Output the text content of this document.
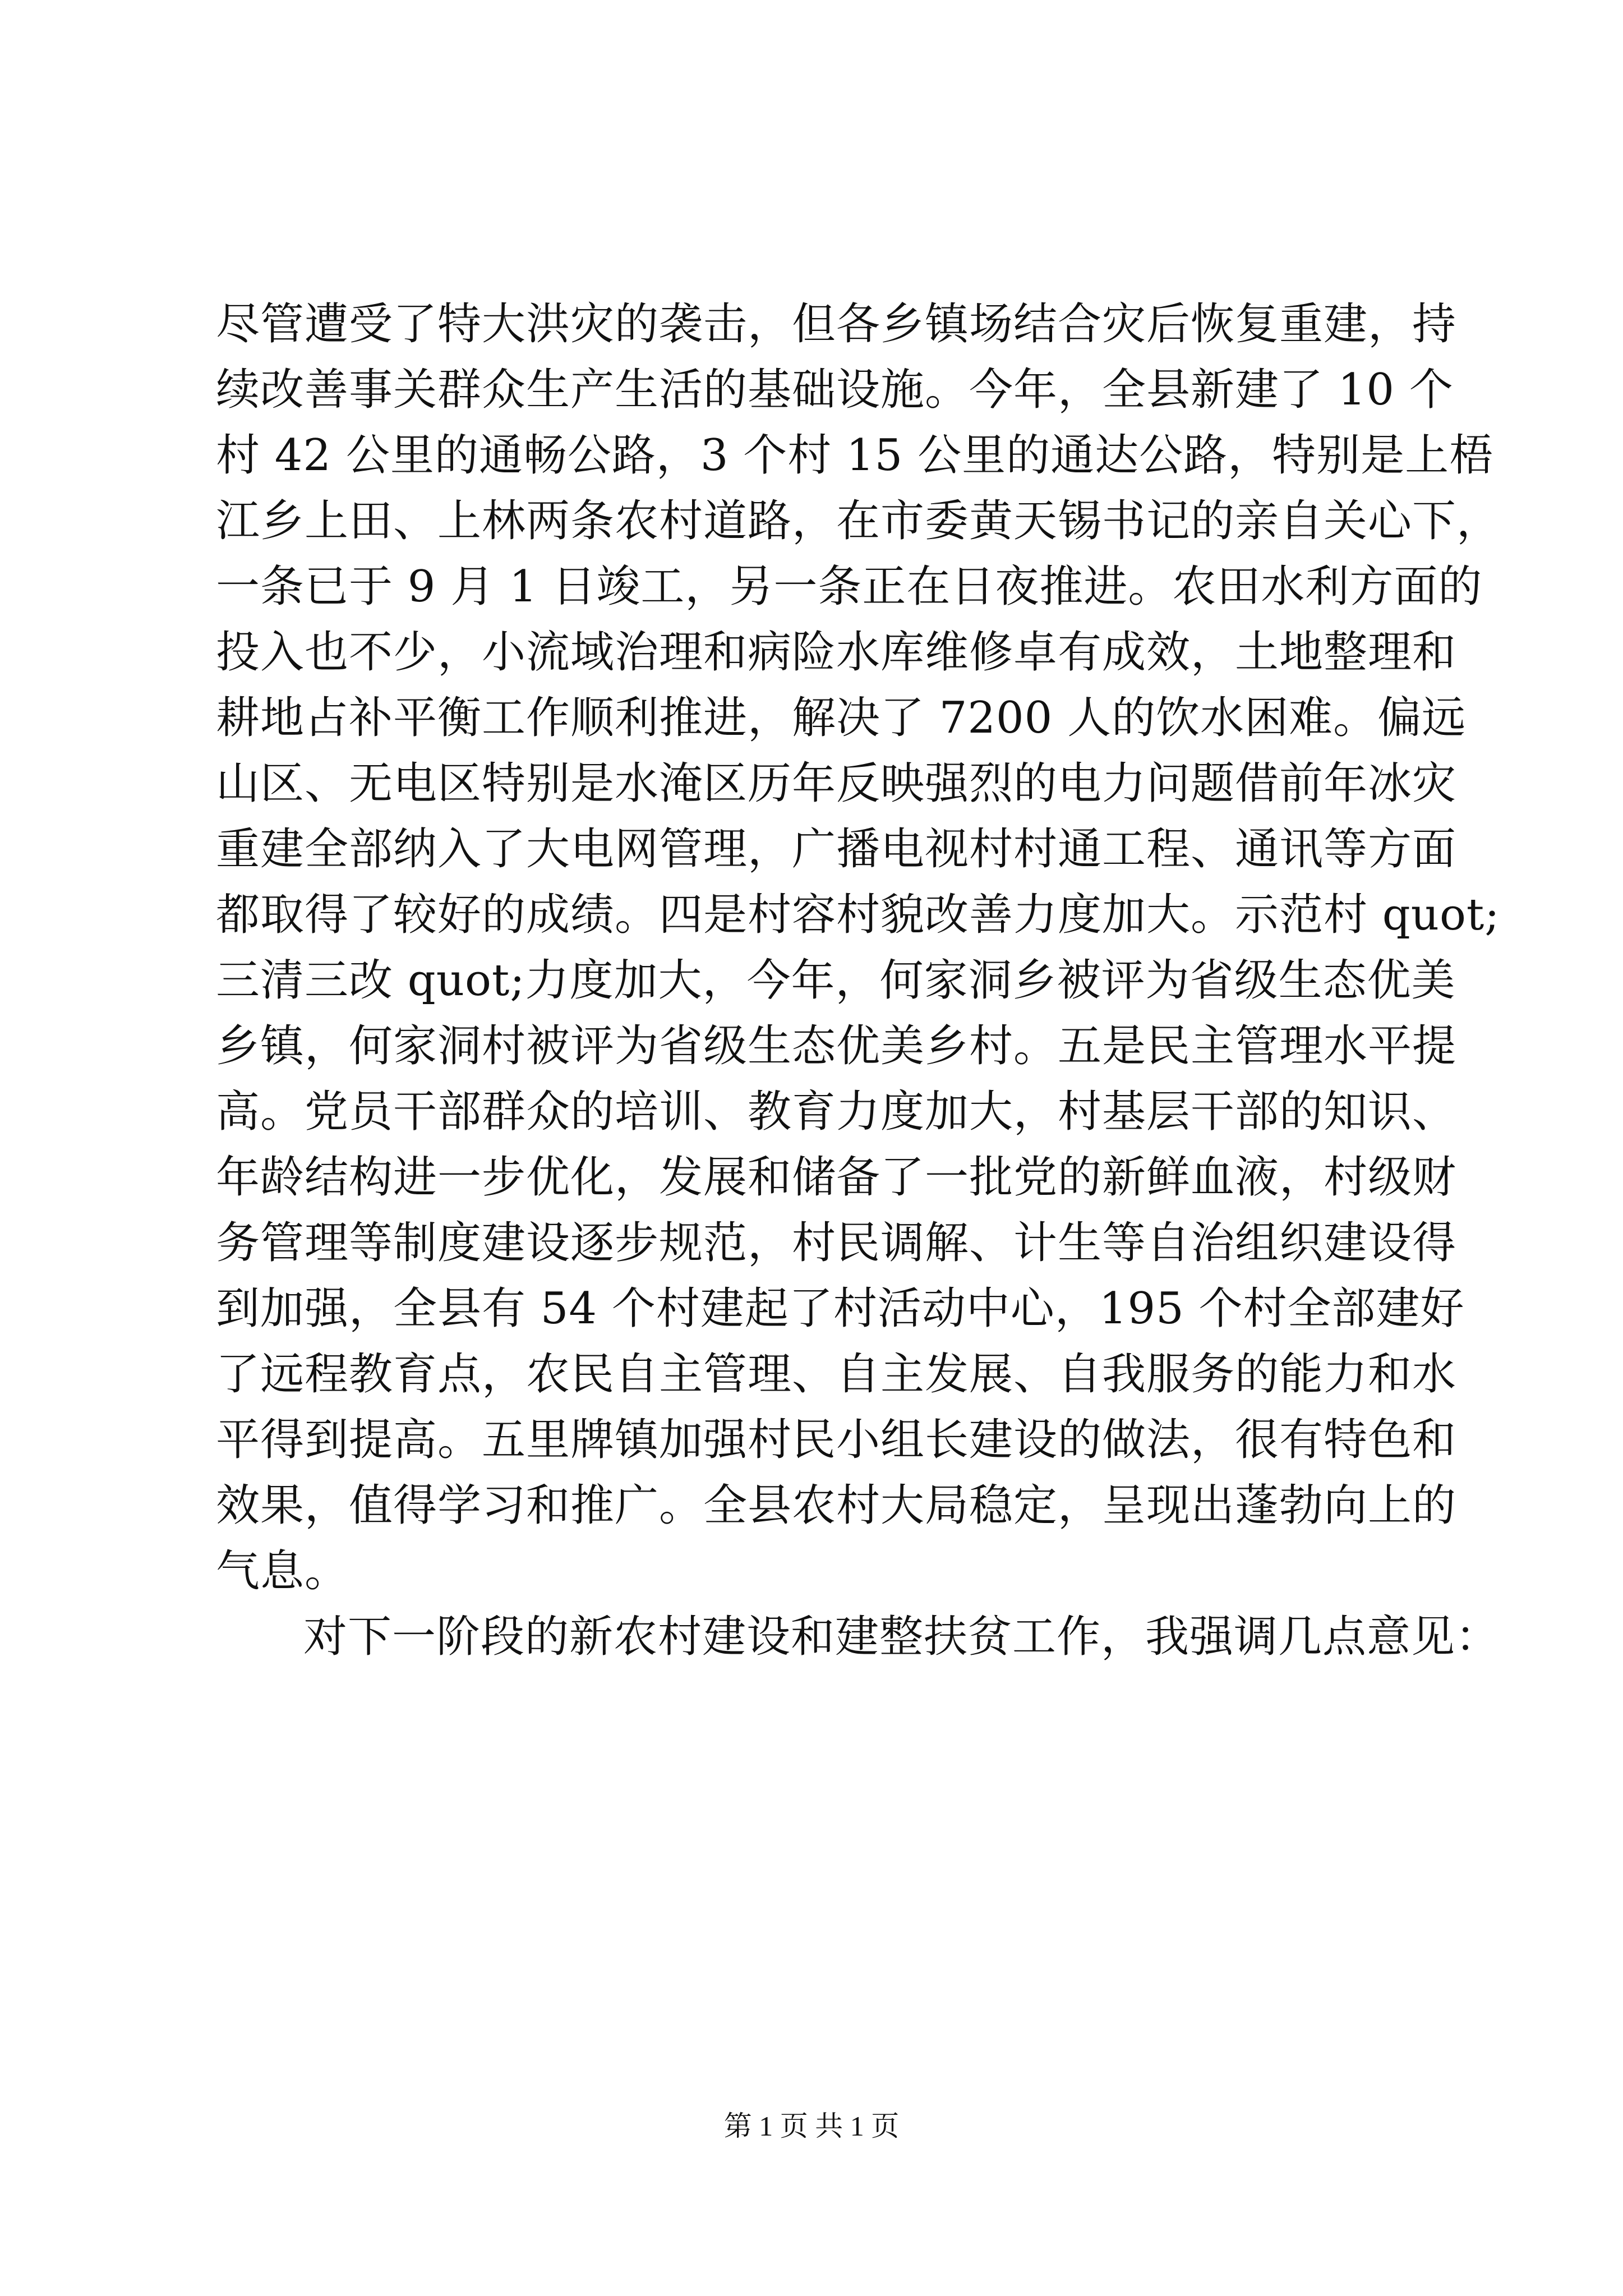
尽管遭受了特大洪灾的袭击，但各乡镇场结合灾后恢复重建，持
续改善事关群众生产生活的基础设施。今年，全县新建了 10 个
村 42 公里的通畅公路，3 个村 15 公里的通达公路，特别是上梧
江乡上田、上林两条农村道路，在市委黄天锡书记的亲自关心下，
一条已于 9 月 1 日竣工，另一条正在日夜推进。农田水利方面的
投入也不少，小流域治理和病险水库维修卓有成效，土地整理和
耕地占补平衡工作顺利推进，解决了 7200 人的饮水困难。偏远
山区、无电区特别是水淹区历年反映强烈的电力问题借前年冰灾
重建全部纳入了大电网管理，广播电视村村通工程、通讯等方面
都取得了较好的成绩。四是村容村貌改善力度加大。示范村 quot;
三清三改 quot;力度加大，今年，何家洞乡被评为省级生态优美
乡镇，何家洞村被评为省级生态优美乡村。五是民主管理水平提
高。党员干部群众的培训、教育力度加大，村基层干部的知识、
年龄结构进一步优化，发展和储备了一批党的新鲜血液，村级财
务管理等制度建设逐步规范，村民调解、计生等自治组织建设得
到加强，全县有 54 个村建起了村活动中心，195 个村全部建好
了远程教育点，农民自主管理、自主发展、自我服务的能力和水
平得到提高。五里牌镇加强村民小组长建设的做法，很有特色和
效果，值得学习和推广。全县农村大局稳定，呈现出蓬勃向上的
气息。
对下一阶段的新农村建设和建整扶贫工作，我强调几点意见：
第 1 页 共 1 页
